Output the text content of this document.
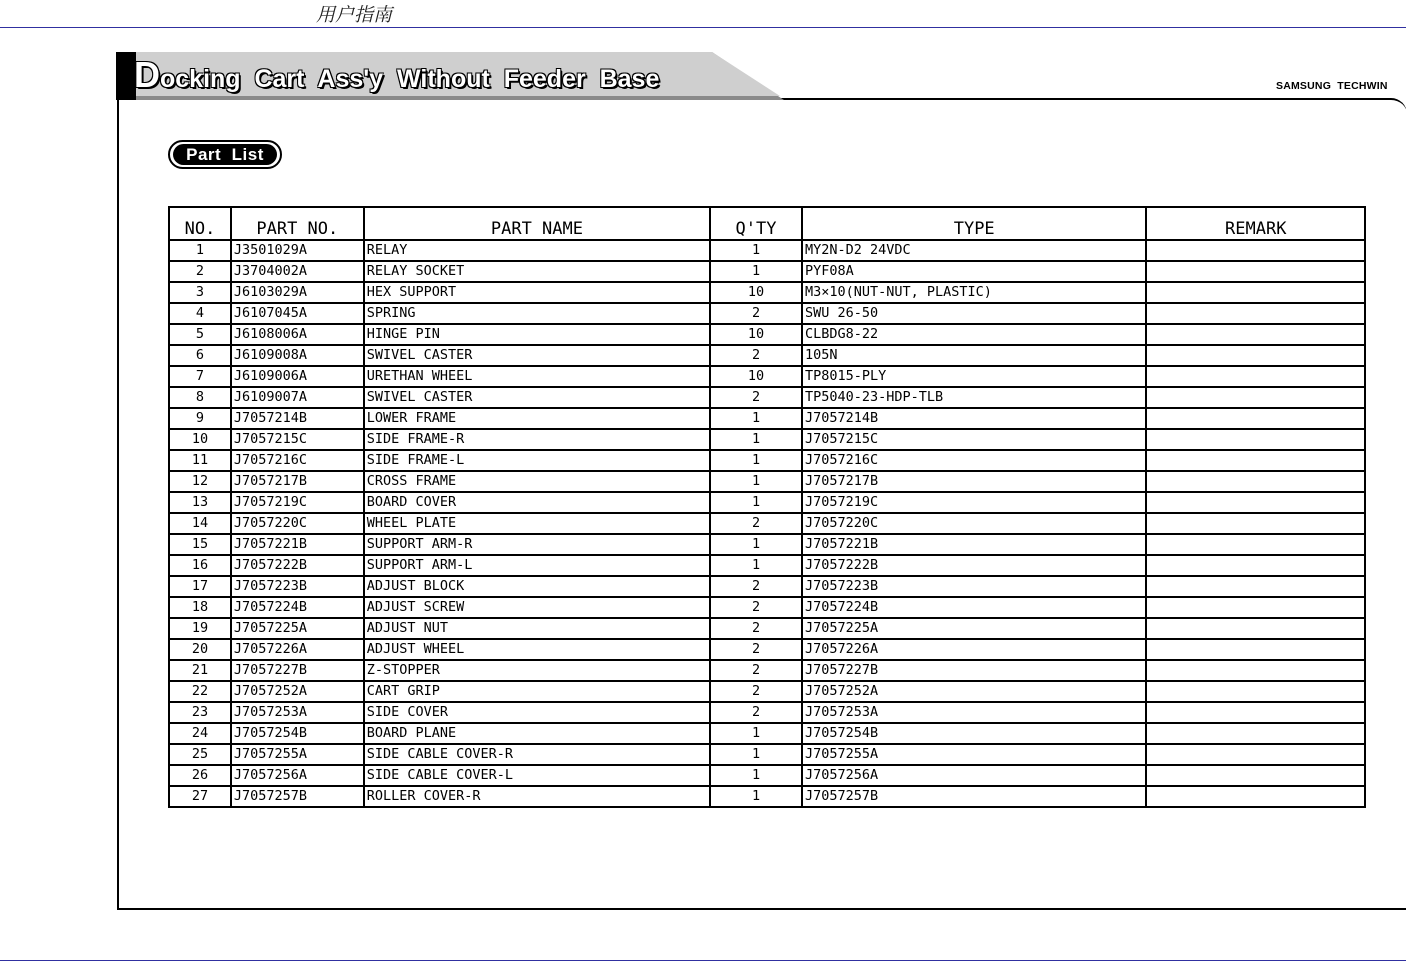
用户指南
Docking  Cart  Ass'y  Without  Feeder  Base	SAMSUNG  TECHWIN
Part  List
NO.	PART NO.	PART NAME	Q'TY	TYPE	REMARK
1	J3501029A	RELAY	1	MY2N-D2 24VDC	
2	J3704002A	RELAY SOCKET	1	PYF08A	
3	J6103029A	HEX SUPPORT	10	M3×10(NUT-NUT, PLASTIC)	
4	J6107045A	SPRING	2	SWU 26-50	
5	J6108006A	HINGE PIN	10	CLBDG8-22	
6	J6109008A	SWIVEL CASTER	2	105N	
7	J6109006A	URETHAN WHEEL	10	TP8015-PLY	
8	J6109007A	SWIVEL CASTER	2	TP5040-23-HDP-TLB	
9	J7057214B	LOWER FRAME	1	J7057214B	
10	J7057215C	SIDE FRAME-R	1	J7057215C	
11	J7057216C	SIDE FRAME-L	1	J7057216C	
12	J7057217B	CROSS FRAME	1	J7057217B	
13	J7057219C	BOARD COVER	1	J7057219C	
14	J7057220C	WHEEL PLATE	2	J7057220C	
15	J7057221B	SUPPORT ARM-R	1	J7057221B	
16	J7057222B	SUPPORT ARM-L	1	J7057222B	
17	J7057223B	ADJUST BLOCK	2	J7057223B	
18	J7057224B	ADJUST SCREW	2	J7057224B	
19	J7057225A	ADJUST NUT	2	J7057225A	
20	J7057226A	ADJUST WHEEL	2	J7057226A	
21	J7057227B	Z-STOPPER	2	J7057227B	
22	J7057252A	CART GRIP	2	J7057252A	
23	J7057253A	SIDE COVER	2	J7057253A	
24	J7057254B	BOARD PLANE	1	J7057254B	
25	J7057255A	SIDE CABLE COVER-R	1	J7057255A	
26	J7057256A	SIDE CABLE COVER-L	1	J7057256A	
27	J7057257B	ROLLER COVER-R	1	J7057257B	
